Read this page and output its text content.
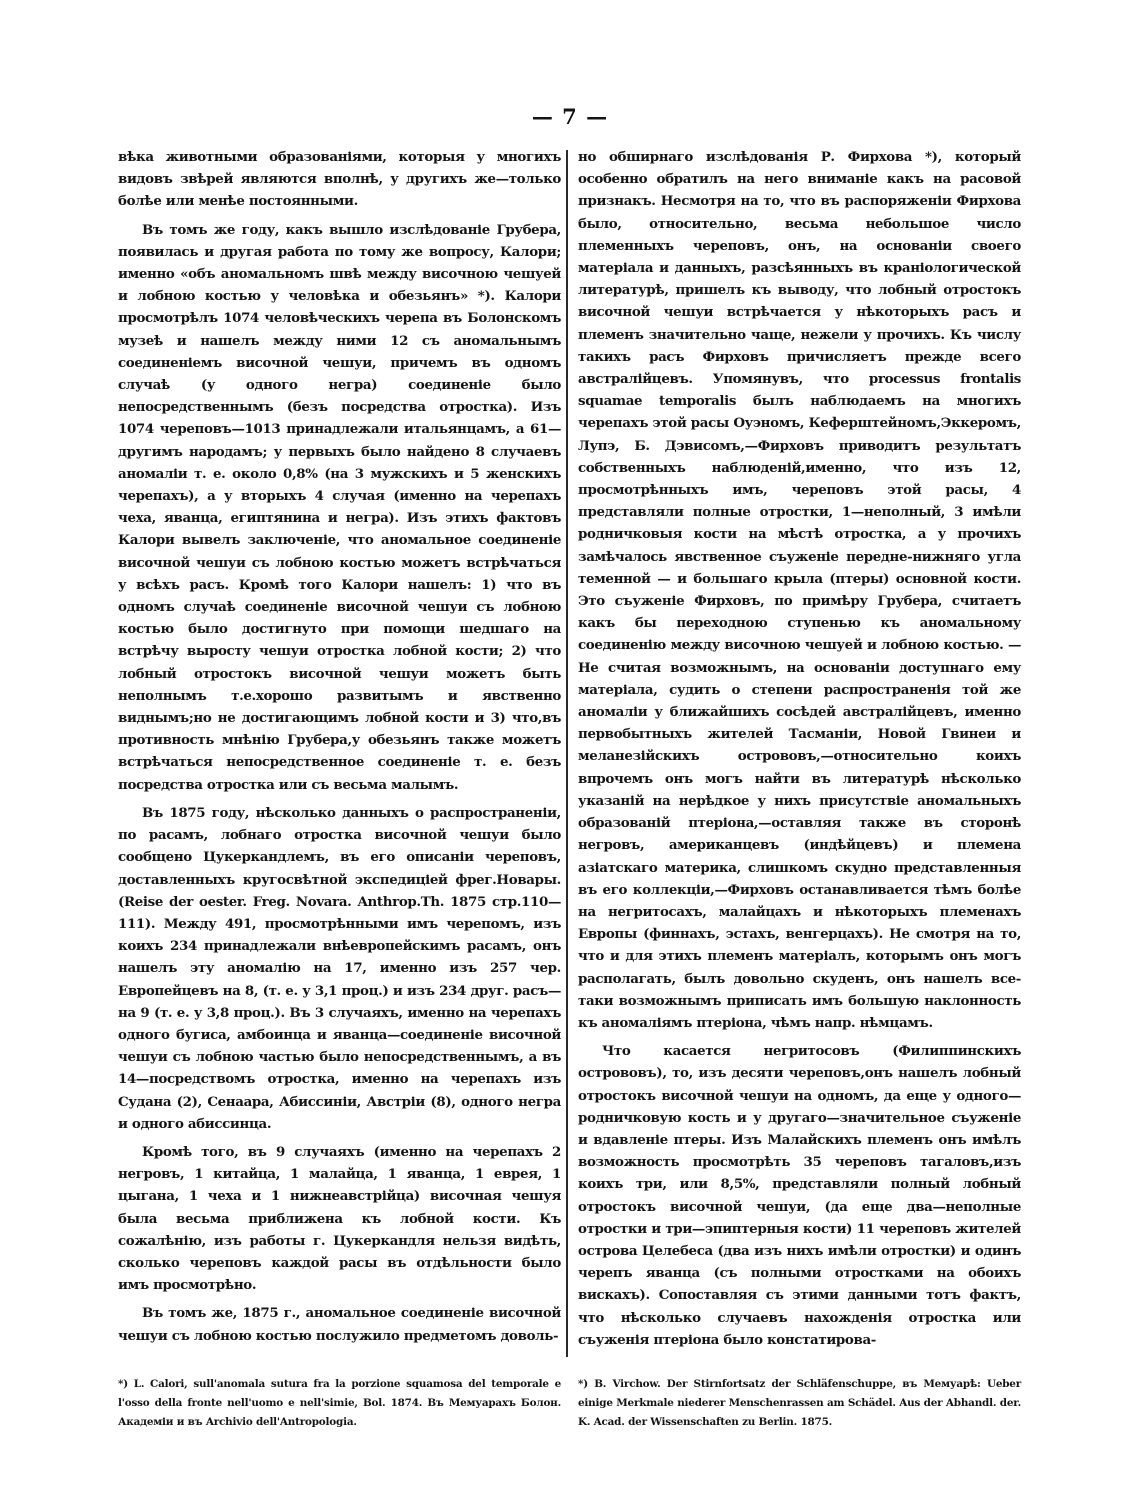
— 7 —

вѣка животными образованіями, которыя у многихъ видовъ звѣрей являются вполнѣ, у другихъ же—только болѣе или менѣе постоянными.

Въ томъ же году, какъ вышло изслѣдованіе Грубера, появилась и другая работа по тому же вопросу, Калори; именно «объ аномальномъ швѣ между височною чешуей и лобною костью у человѣка и обезьянъ» *). Калори просмотрѣлъ 1074 человѣческихъ черепа въ Болонскомъ музеѣ и нашелъ между ними 12 съ аномальнымъ соединеніемъ височной чешуи, причемъ въ одномъ случаѣ (у одного негра) соединеніе было непосредственнымъ (безъ посредства отростка). Изъ 1074 череповъ—1013 принадлежали итальянцамъ, а 61—другимъ народамъ; у первыхъ было найдено 8 случаевъ аномаліи т. е. около 0,8% (на 3 мужскихъ и 5 женскихъ черепахъ), а у вторыхъ 4 случая (именно на черепахъ чеха, яванца, египтянина и негра). Изъ этихъ фактовъ Калори вывелъ заключеніе, что аномальное соединеніе височной чешуи съ лобною костью можетъ встрѣчаться у всѣхъ расъ. Кромѣ того Калори нашелъ: 1) что въ одномъ случаѣ соединеніе височной чешуи съ лобною костью было достигнуто при помощи шедшаго на встрѣчу выросту чешуи отростка лобной кости; 2) что лобный отростокъ височной чешуи можетъ быть неполнымъ т.е.хорошо развитымъ и явственно виднымъ;но не достигающимъ лобной кости и 3) что,въ противность мнѣнію Грубера,у обезьянъ также можетъ встрѣчаться непосредственное соединеніе т. е. безъ посредства отростка или съ весьма малымъ.

Въ 1875 году, нѣсколько данныхъ о распространеніи, по расамъ, лобнаго отростка височной чешуи было сообщено Цукеркандлемъ, въ его описаніи череповъ, доставленныхъ кругосвѣтной экспедиціей фрег.Новары. (Reise der oester. Freg. Novara. Anthrop.Th. 1875 стр.110—111). Между 491, просмотрѣнными имъ черепомъ, изъ коихъ 234 принадлежали внѣевропейскимъ расамъ, онъ нашелъ эту аномалію на 17, именно изъ 257 чер. Европейцевъ на 8, (т. е. у 3,1 проц.) и изъ 234 друг. расъ—на 9 (т. е. у 3,8 проц.). Въ 3 случаяхъ, именно на черепахъ одного бугиса, амбоинца и яванца—соединеніе височной чешуи съ лобною частью было непосредственнымъ, а въ 14—посредствомъ отростка, именно на черепахъ изъ Судана (2), Сенаара, Абиссиніи, Австріи (8), одного негра и одного абиссинца.

Кромѣ того, въ 9 случаяхъ (именно на черепахъ 2 негровъ, 1 китайца, 1 малайца, 1 яванца, 1 еврея, 1 цыгана, 1 чеха и 1 нижнеавстрійца) височная чешуя была весьма приближена къ лобной кости. Къ сожалѣнію, изъ работы г. Цукеркандля нельзя видѣть, сколько череповъ каждой расы въ отдѣльности было имъ просмотрѣно.

Въ томъ же, 1875 г., аномальное соединеніе височной чешуи съ лобною костью послужило предметомъ доволь-

но обширнаго изслѣдованія Р. Фирхова *), который особенно обратилъ на него вниманіе какъ на расовой признакъ. Несмотря на то, что въ распоряженіи Фирхова было, относительно, весьма небольшое число племенныхъ череповъ, онъ, на основаніи своего матеріала и данныхъ, разсѣянныхъ въ краніологической литературѣ, пришелъ къ выводу, что лобный отростокъ височной чешуи встрѣчается у нѣкоторыхъ расъ и племенъ значительно чаще, нежели у прочихъ. Къ числу такихъ расъ Фирховъ причисляетъ прежде всего австралійцевъ. Упомянувъ, что processus frontalis squamae temporalis былъ наблюдаемъ на многихъ черепахъ этой расы Оуэномъ, Кеферштейномъ,Эккеромъ, Лупэ, Б. Дэвисомъ,—Фирховъ приводитъ результатъ собственныхъ наблюденій,именно, что изъ 12, просмотрѣнныхъ имъ, череповъ этой расы, 4 представляли полные отростки, 1—неполный, 3 имѣли родничковыя кости на мѣстѣ отростка, а у прочихъ замѣчалось явственное съуженіе передне-нижняго угла теменной — и большаго крыла (птеры) основной кости. Это съуженіе Фирховъ, по примѣру Грубера, считаетъ какъ бы переходною ступенью къ аномальному соединенію между височною чешуей и лобною костью. — Не считая возможнымъ, на основаніи доступнаго ему матеріала, судить о степени распространенія той же аномаліи у ближайшихъ сосѣдей австралійцевъ, именно первобытныхъ жителей Тасманіи, Новой Гвинеи и меланезійскихъ острововъ,—относительно коихъ впрочемъ онъ могъ найти въ литературѣ нѣсколько указаній на нерѣдкое у нихъ присутствіе аномальныхъ образованій птеріона,—оставляя также въ сторонѣ негровъ, американцевъ (индѣйцевъ) и племена азіатскаго материка, слишкомъ скудно представленныя въ его коллекціи,—Фирховъ останавливается тѣмъ болѣе на негритосахъ, малайцахъ и нѣкоторыхъ племенахъ Европы (финнахъ, эстахъ, венгерцахъ). Не смотря на то, что и для этихъ племенъ матеріалъ, которымъ онъ могъ располагать, былъ довольно скуденъ, онъ нашелъ все-таки возможнымъ приписать имъ большую наклонность къ аномаліямъ птеріона, чѣмъ напр. нѣмцамъ.

Что касается негритосовъ (Филиппинскихъ острововъ), то, изъ десяти череповъ,онъ нашелъ лобный отростокъ височной чешуи на одномъ, да еще у одного—родничковую кость и у другаго—значительное съуженіе и вдавленіе птеры. Изъ Малайскихъ племенъ онъ имѣлъ возможность просмотрѣть 35 череповъ тагаловъ,изъ коихъ три, или 8,5%, представляли полный лобный отростокъ височной чешуи, (да еще два—неполные отростки и три—эпиптерныя кости) 11 череповъ жителей острова Целебеса (два изъ нихъ имѣли отростки) и одинъ черепъ яванца (съ полными отростками на обоихъ вискахъ). Сопоставляя съ этими данными тотъ фактъ, что нѣсколько случаевъ нахожденія отростка или съуженія птеріона было констатирова-

*) L. Calori, sull'anomala sutura fra la porzione squamosa del temporale e l'osso della fronte nell'uomo e nell'simie, Bol. 1874. Въ Мемуарахъ Болон. Академіи и въ Archivio dell'Antropologia.
*) B. Virchow. Der Stirnfortsatz der Schläfenschuppe, въ Мемуарѣ: Ueber einige Merkmale niederer Menschenrassen am Schädel. Aus der Abhandl. der. K. Acad. der Wissenschaften zu Berlin. 1875.
